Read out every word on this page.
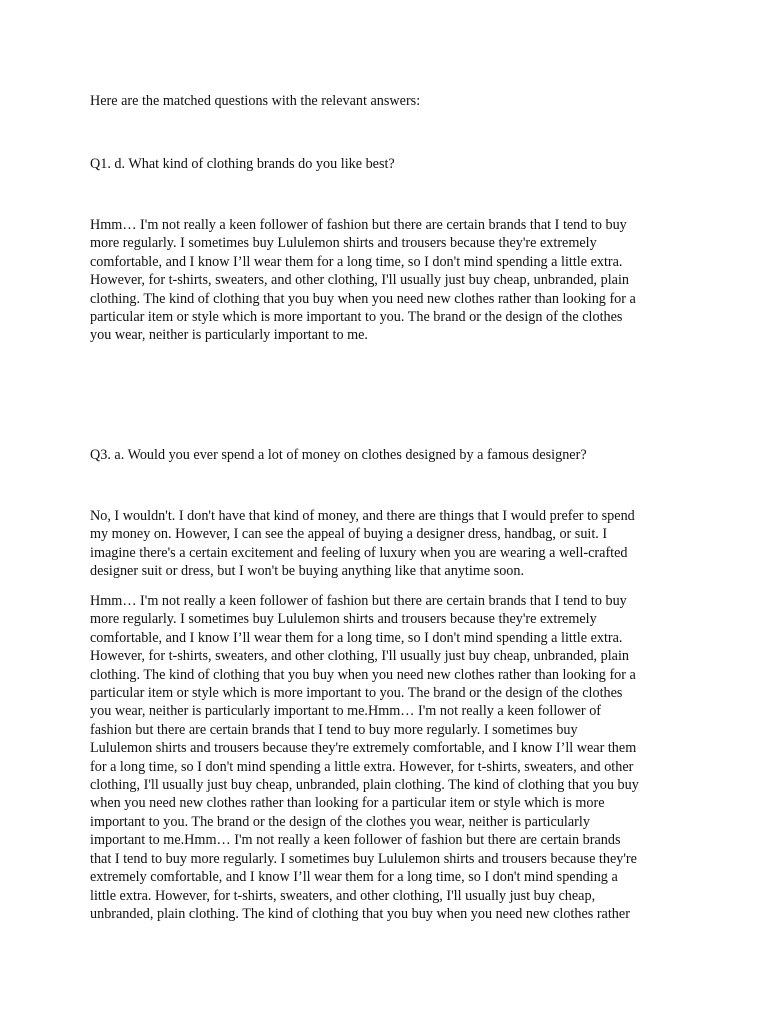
Here are the matched questions with the relevant answers:

Q1. d. What kind of clothing brands do you like best?

Hmm… I'm not really a keen follower of fashion but there are certain brands that I tend to buy
more regularly. I sometimes buy Lululemon shirts and trousers because they're extremely
comfortable, and I know I’ll wear them for a long time, so I don't mind spending a little extra.
However, for t-shirts, sweaters, and other clothing, I'll usually just buy cheap, unbranded, plain
clothing. The kind of clothing that you buy when you need new clothes rather than looking for a
particular item or style which is more important to you. The brand or the design of the clothes
you wear, neither is particularly important to me.

Q3. a. Would you ever spend a lot of money on clothes designed by a famous designer?

No, I wouldn't. I don't have that kind of money, and there are things that I would prefer to spend
my money on. However, I can see the appeal of buying a designer dress, handbag, or suit. I
imagine there's a certain excitement and feeling of luxury when you are wearing a well-crafted
designer suit or dress, but I won't be buying anything like that anytime soon.
Hmm… I'm not really a keen follower of fashion but there are certain brands that I tend to buy
more regularly. I sometimes buy Lululemon shirts and trousers because they're extremely
comfortable, and I know I’ll wear them for a long time, so I don't mind spending a little extra.
However, for t-shirts, sweaters, and other clothing, I'll usually just buy cheap, unbranded, plain
clothing. The kind of clothing that you buy when you need new clothes rather than looking for a
particular item or style which is more important to you. The brand or the design of the clothes
you wear, neither is particularly important to me.Hmm… I'm not really a keen follower of
fashion but there are certain brands that I tend to buy more regularly. I sometimes buy
Lululemon shirts and trousers because they're extremely comfortable, and I know I’ll wear them
for a long time, so I don't mind spending a little extra. However, for t-shirts, sweaters, and other
clothing, I'll usually just buy cheap, unbranded, plain clothing. The kind of clothing that you buy
when you need new clothes rather than looking for a particular item or style which is more
important to you. The brand or the design of the clothes you wear, neither is particularly
important to me.Hmm… I'm not really a keen follower of fashion but there are certain brands
that I tend to buy more regularly. I sometimes buy Lululemon shirts and trousers because they're
extremely comfortable, and I know I’ll wear them for a long time, so I don't mind spending a
little extra. However, for t-shirts, sweaters, and other clothing, I'll usually just buy cheap,
unbranded, plain clothing. The kind of clothing that you buy when you need new clothes rather
